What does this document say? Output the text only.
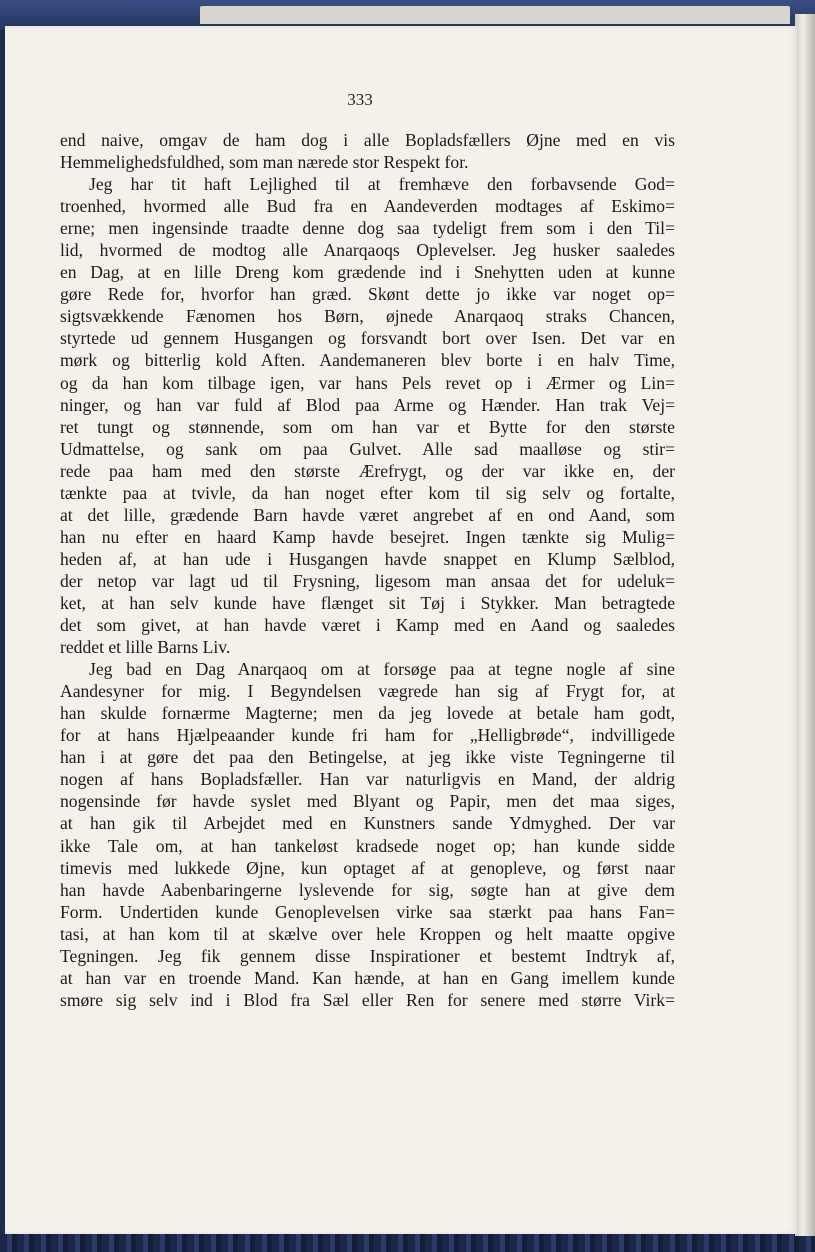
333
end naive, omgav de ham dog i alle Bopladsfællers Øjne med en vis
Hemmelighedsfuldhed, som man nærede stor Respekt for.
Jeg har tit haft Lejlighed til at fremhæve den forbavsende God=
troenhed, hvormed alle Bud fra en Aandeverden modtages af Eskimo=
erne; men ingensinde traadte denne dog saa tydeligt frem som i den Til=
lid, hvormed de modtog alle Anarqaoqs Oplevelser. Jeg husker saaledes
en Dag, at en lille Dreng kom grædende ind i Snehytten uden at kunne
gøre Rede for, hvorfor han græd. Skønt dette jo ikke var noget op=
sigtsvækkende Fænomen hos Børn, øjnede Anarqaoq straks Chancen,
styrtede ud gennem Husgangen og forsvandt bort over Isen. Det var en
mørk og bitterlig kold Aften. Aandemaneren blev borte i en halv Time,
og da han kom tilbage igen, var hans Pels revet op i Ærmer og Lin=
ninger, og han var fuld af Blod paa Arme og Hænder. Han trak Vej=
ret tungt og stønnende, som om han var et Bytte for den største
Udmattelse, og sank om paa Gulvet. Alle sad maalløse og stir=
rede paa ham med den største Ærefrygt, og der var ikke en, der
tænkte paa at tvivle, da han noget efter kom til sig selv og fortalte,
at det lille, grædende Barn havde været angrebet af en ond Aand, som
han nu efter en haard Kamp havde besejret. Ingen tænkte sig Mulig=
heden af, at han ude i Husgangen havde snappet en Klump Sælblod,
der netop var lagt ud til Frysning, ligesom man ansaa det for udeluk=
ket, at han selv kunde have flænget sit Tøj i Stykker. Man betragtede
det som givet, at han havde været i Kamp med en Aand og saaledes
reddet et lille Barns Liv.
Jeg bad en Dag Anarqaoq om at forsøge paa at tegne nogle af sine
Aandesyner for mig. I Begyndelsen vægrede han sig af Frygt for, at
han skulde fornærme Magterne; men da jeg lovede at betale ham godt,
for at hans Hjælpeaander kunde fri ham for „Helligbrøde“, indvilligede
han i at gøre det paa den Betingelse, at jeg ikke viste Tegningerne til
nogen af hans Bopladsfæller. Han var naturligvis en Mand, der aldrig
nogensinde før havde syslet med Blyant og Papir, men det maa siges,
at han gik til Arbejdet med en Kunstners sande Ydmyghed. Der var
ikke Tale om, at han tankeløst kradsede noget op; han kunde sidde
timevis med lukkede Øjne, kun optaget af at genopleve, og først naar
han havde Aabenbaringerne lyslevende for sig, søgte han at give dem
Form. Undertiden kunde Genoplevelsen virke saa stærkt paa hans Fan=
tasi, at han kom til at skælve over hele Kroppen og helt maatte opgive
Tegningen. Jeg fik gennem disse Inspirationer et bestemt Indtryk af,
at han var en troende Mand. Kan hænde, at han en Gang imellem kunde
smøre sig selv ind i Blod fra Sæl eller Ren for senere med større Virk=
